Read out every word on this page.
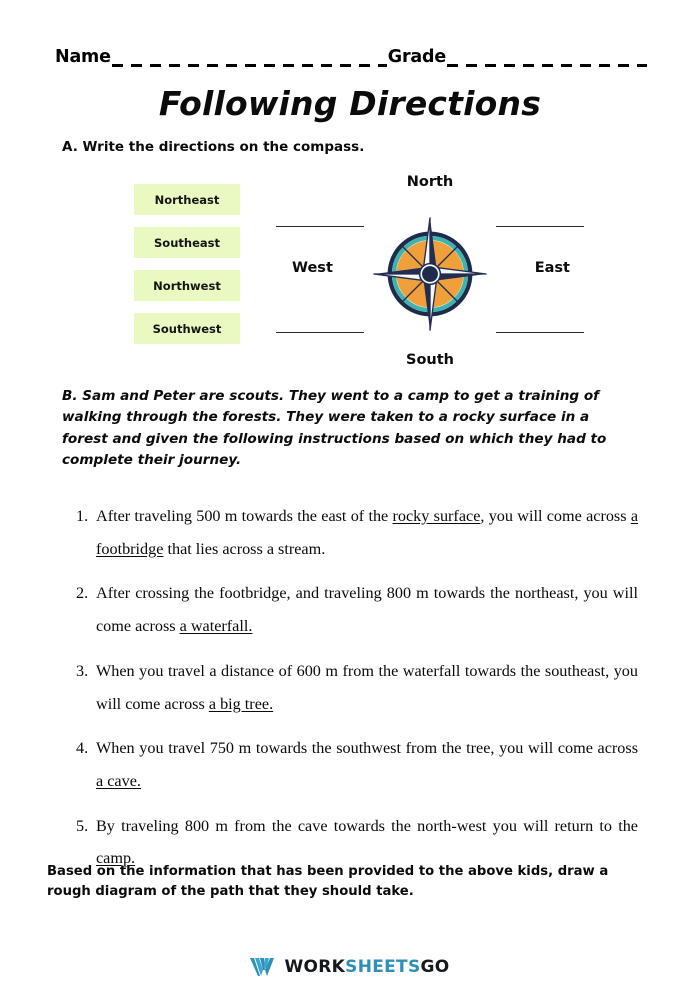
Name	Grade
Following Directions
A. Write the directions on the compass.
Northeast
Southeast
Northwest
Southwest
North
South
West	East
B. Sam and Peter are scouts. They went to a camp to get a training of walking through the forests. They were taken to a rocky surface in a forest and given the following instructions based on which they had to complete their journey.
1. After traveling 500 m towards the east of the rocky surface, you will come across a footbridge that lies across a stream.
2. After crossing the footbridge, and traveling 800 m towards the northeast, you will come across a waterfall.
3. When you travel a distance of 600 m from the waterfall towards the southeast, you will come across a big tree.
4. When you travel 750 m towards the southwest from the tree, you will come across a cave.
5. By traveling 800 m from the cave towards the north-west you will return to the camp.
Based on the information that has been provided to the above kids, draw a rough diagram of the path that they should take.
WORK SHEETS GO
